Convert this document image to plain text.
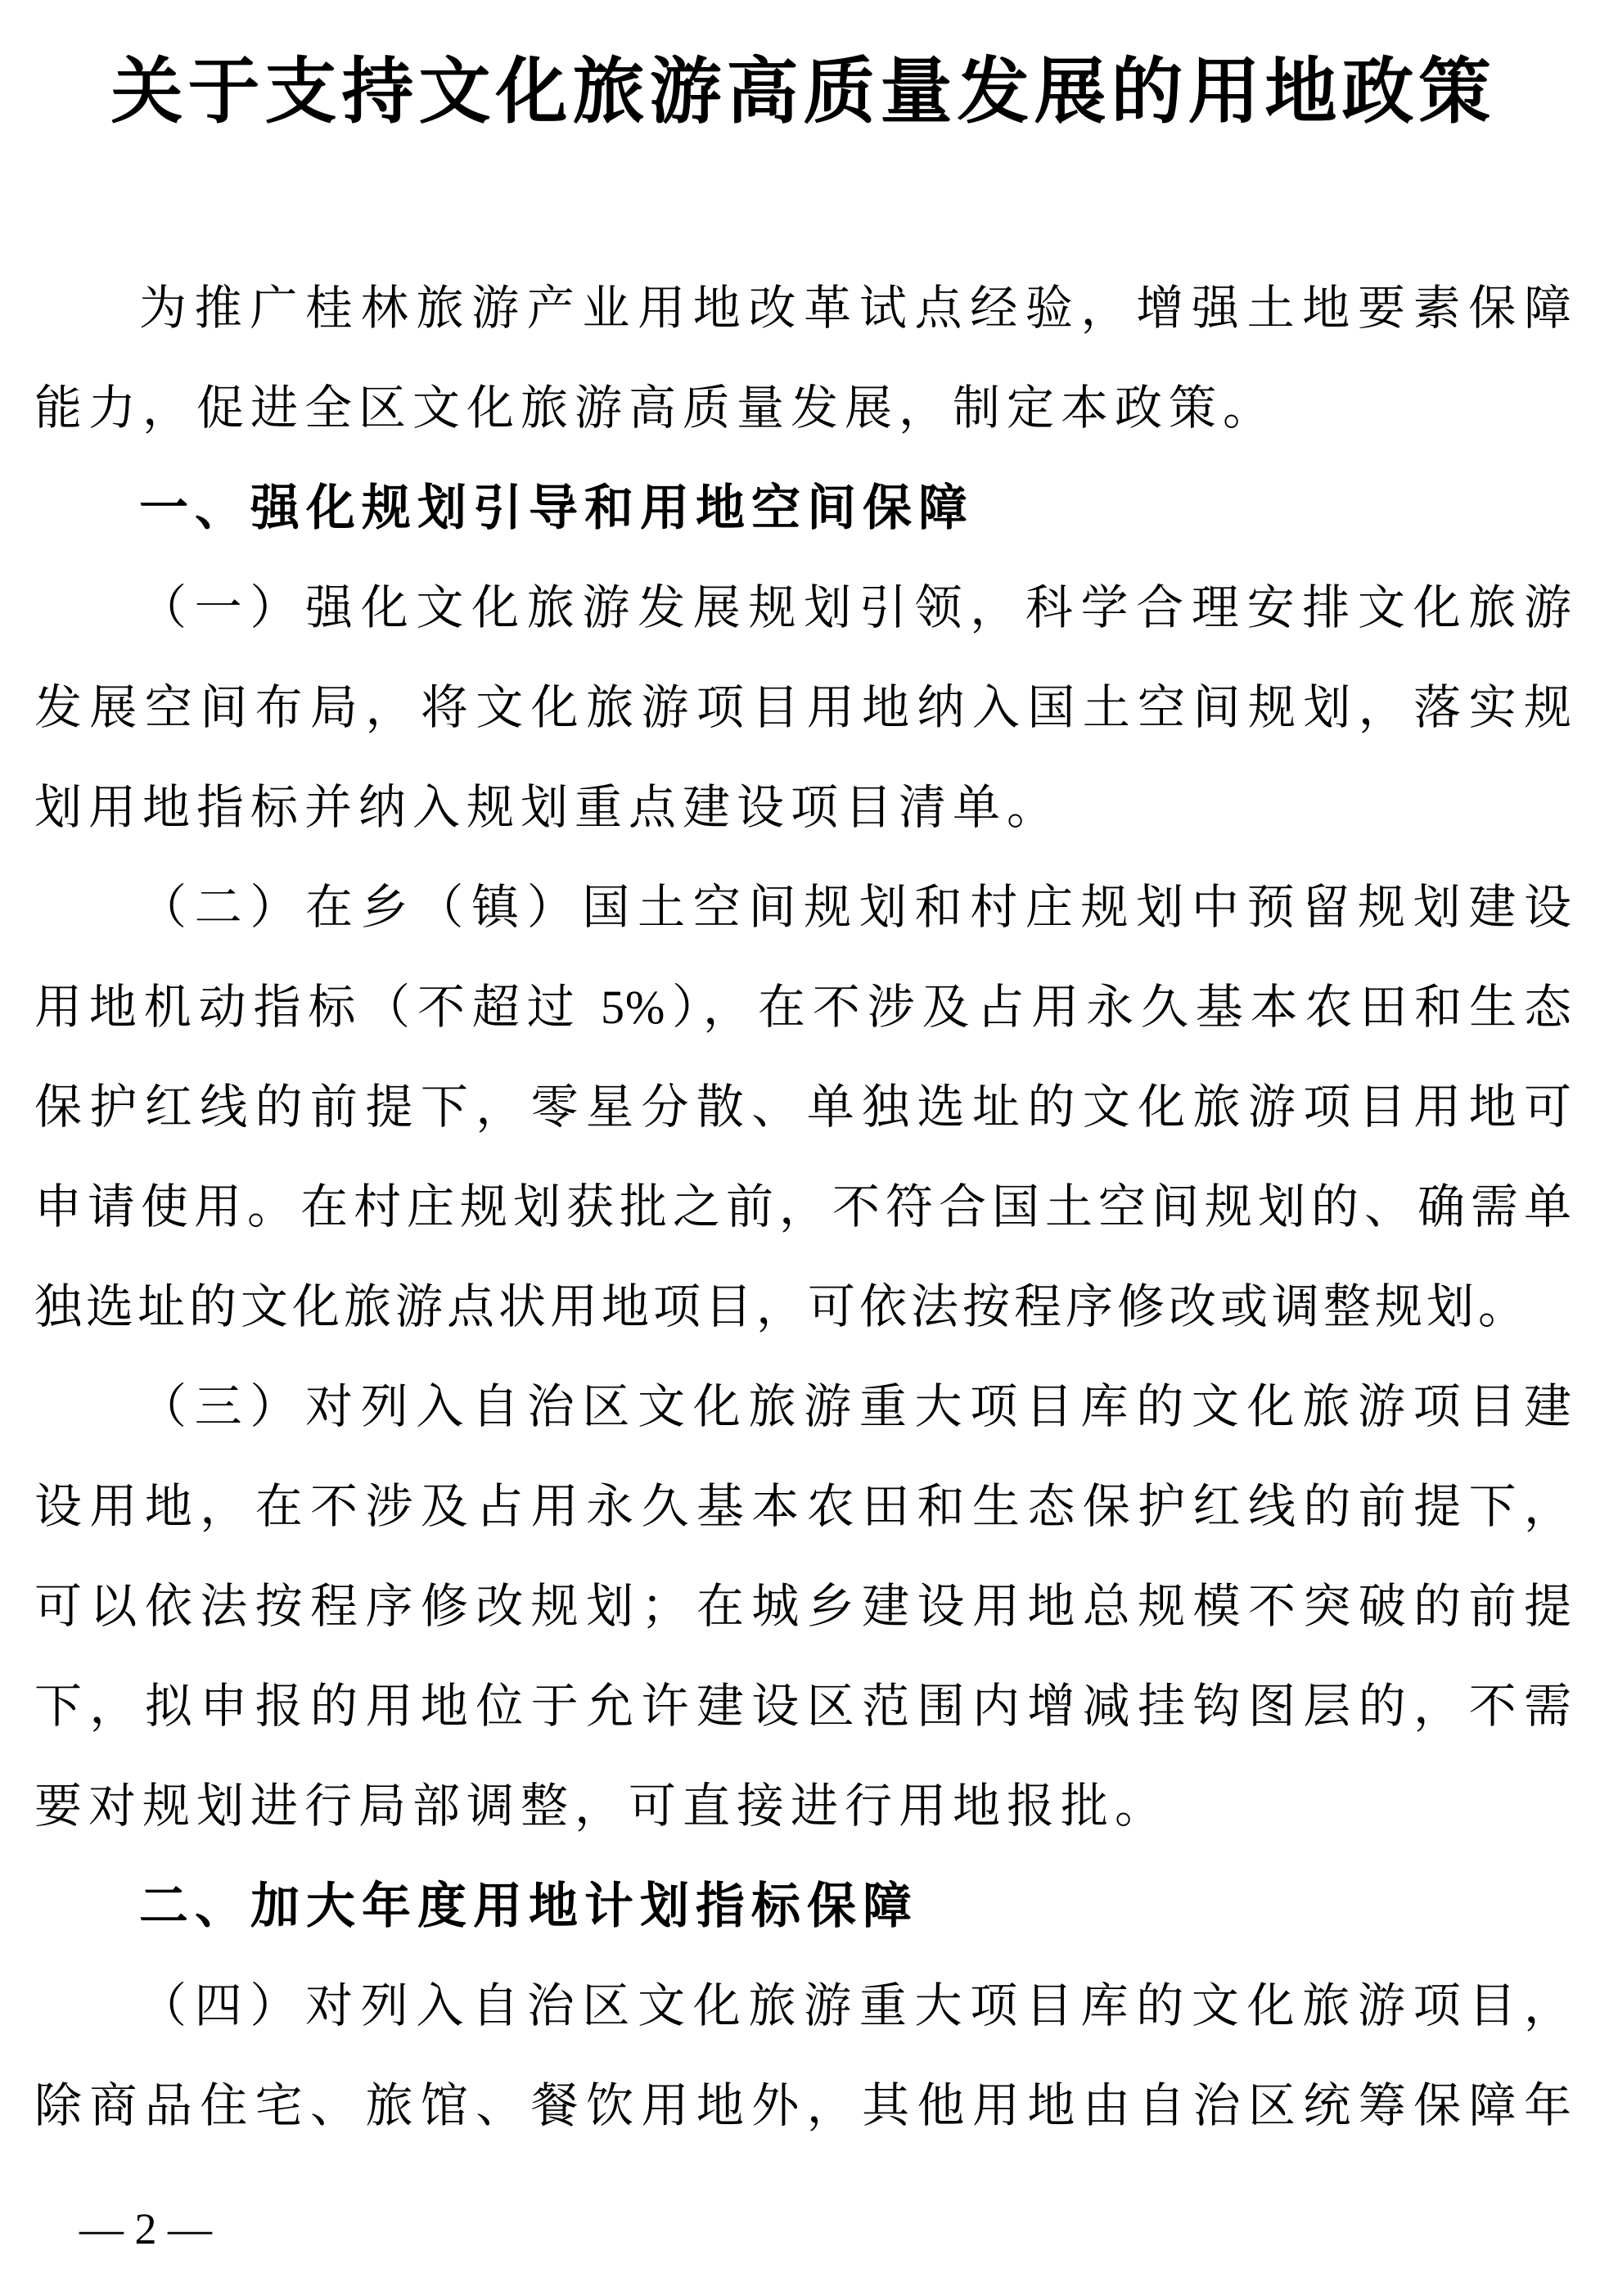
关于支持文化旅游高质量发展的用地政策
为推广桂林旅游产业用地改革试点经验，增强土地要素保障
能力，促进全区文化旅游高质量发展，制定本政策。
一、强化规划引导和用地空间保障
（一）强化文化旅游发展规划引领，科学合理安排文化旅游
发展空间布局，将文化旅游项目用地纳入国土空间规划，落实规
划用地指标并纳入规划重点建设项目清单。
（二）在乡（镇）国土空间规划和村庄规划中预留规划建设
用地机动指标（不超过 5%），在不涉及占用永久基本农田和生态
保护红线的前提下，零星分散、单独选址的文化旅游项目用地可
申请使用。在村庄规划获批之前，不符合国土空间规划的、确需单
独选址的文化旅游点状用地项目，可依法按程序修改或调整规划。
（三）对列入自治区文化旅游重大项目库的文化旅游项目建
设用地，在不涉及占用永久基本农田和生态保护红线的前提下，
可以依法按程序修改规划；在城乡建设用地总规模不突破的前提
下，拟申报的用地位于允许建设区范围内增减挂钩图层的，不需
要对规划进行局部调整，可直接进行用地报批。
二、加大年度用地计划指标保障
（四）对列入自治区文化旅游重大项目库的文化旅游项目，
除商品住宅、旅馆、餐饮用地外，其他用地由自治区统筹保障年
— 2 —
